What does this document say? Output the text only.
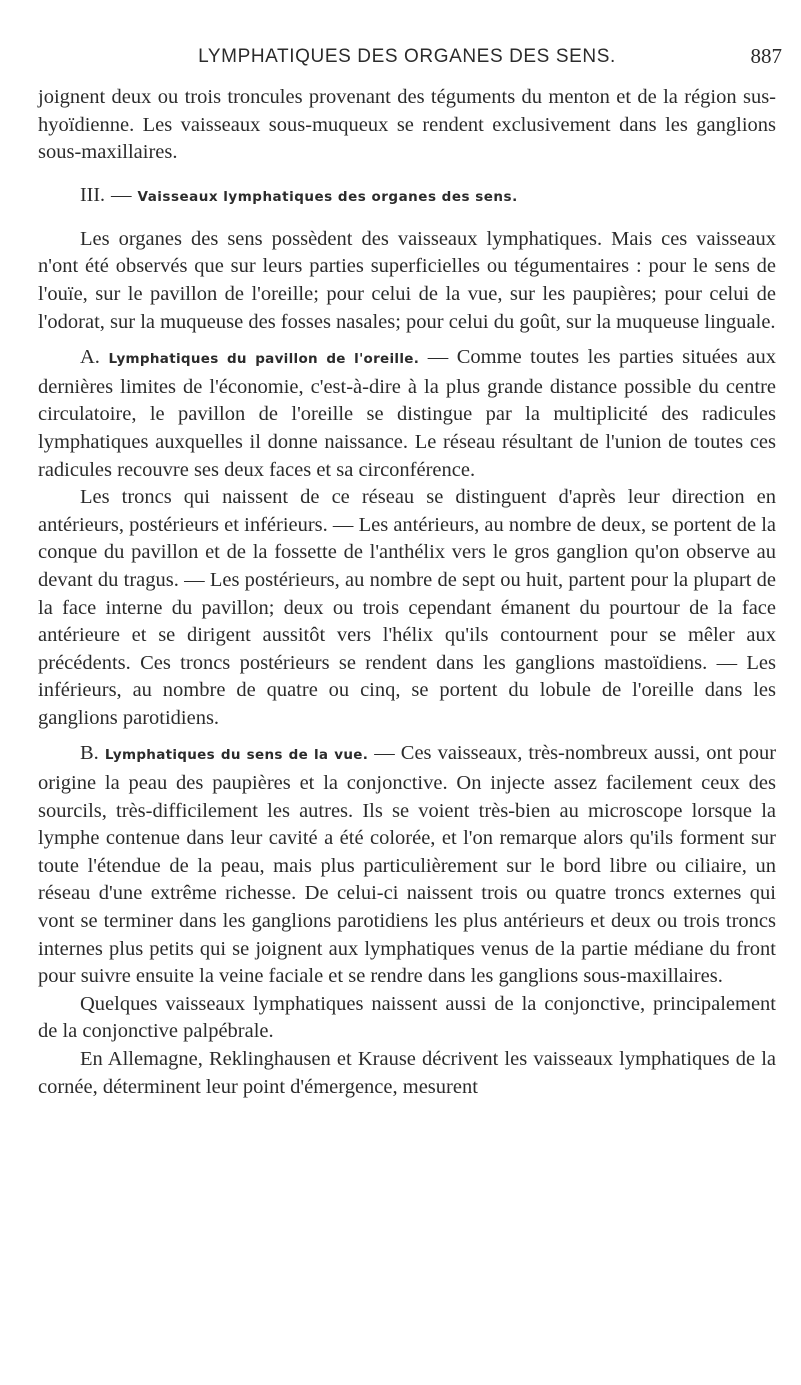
LYMPHATIQUES DES ORGANES DES SENS.	887

joignent deux ou trois troncules provenant des téguments du menton et de la région sus-hyoïdienne. Les vaisseaux sous-muqueux se rendent exclusivement dans les ganglions sous-maxillaires.

III. — Vaisseaux lymphatiques des organes des sens.

Les organes des sens possèdent des vaisseaux lymphatiques. Mais ces vaisseaux n'ont été observés que sur leurs parties superficielles ou tégumentaires : pour le sens de l'ouïe, sur le pavillon de l'oreille; pour celui de la vue, sur les paupières; pour celui de l'odorat, sur la muqueuse des fosses nasales; pour celui du goût, sur la muqueuse linguale.

A. Lymphatiques du pavillon de l'oreille. — Comme toutes les parties situées aux dernières limites de l'économie, c'est-à-dire à la plus grande distance possible du centre circulatoire, le pavillon de l'oreille se distingue par la multiplicité des radicules lymphatiques auxquelles il donne naissance. Le réseau résultant de l'union de toutes ces radicules recouvre ses deux faces et sa circonférence.

Les troncs qui naissent de ce réseau se distinguent d'après leur direction en antérieurs, postérieurs et inférieurs. — Les antérieurs, au nombre de deux, se portent de la conque du pavillon et de la fossette de l'anthélix vers le gros ganglion qu'on observe au devant du tragus. — Les postérieurs, au nombre de sept ou huit, partent pour la plupart de la face interne du pavillon; deux ou trois cependant émanent du pourtour de la face antérieure et se dirigent aussitôt vers l'hélix qu'ils contournent pour se mêler aux précédents. Ces troncs postérieurs se rendent dans les ganglions mastoïdiens. — Les inférieurs, au nombre de quatre ou cinq, se portent du lobule de l'oreille dans les ganglions parotidiens.

B. Lymphatiques du sens de la vue. — Ces vaisseaux, très-nombreux aussi, ont pour origine la peau des paupières et la conjonctive. On injecte assez facilement ceux des sourcils, très-difficilement les autres. Ils se voient très-bien au microscope lorsque la lymphe contenue dans leur cavité a été colorée, et l'on remarque alors qu'ils forment sur toute l'étendue de la peau, mais plus particulièrement sur le bord libre ou ciliaire, un réseau d'une extrême richesse. De celui-ci naissent trois ou quatre troncs externes qui vont se terminer dans les ganglions parotidiens les plus antérieurs et deux ou trois troncs internes plus petits qui se joignent aux lymphatiques venus de la partie médiane du front pour suivre ensuite la veine faciale et se rendre dans les ganglions sous-maxillaires.

Quelques vaisseaux lymphatiques naissent aussi de la conjonctive, principalement de la conjonctive palpébrale.

En Allemagne, Reklinghausen et Krause décrivent les vaisseaux lymphatiques de la cornée, déterminent leur point d'émergence, mesurent
